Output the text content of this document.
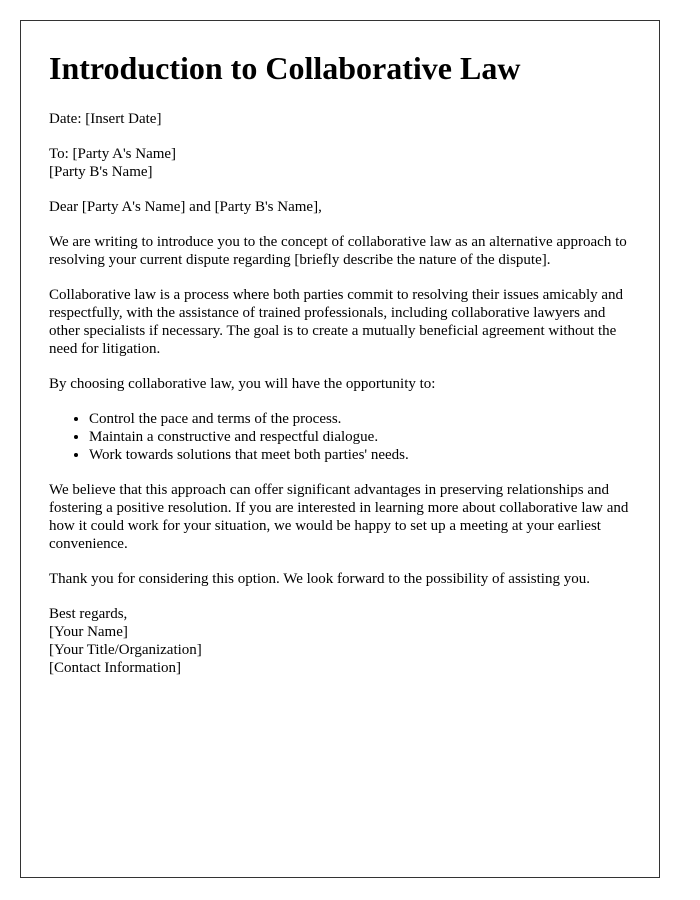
Introduction to Collaborative Law

Date: [Insert Date]

To: [Party A's Name]
[Party B's Name]

Dear [Party A's Name] and [Party B's Name],

We are writing to introduce you to the concept of collaborative law as an alternative approach to resolving your current dispute regarding [briefly describe the nature of the dispute].

Collaborative law is a process where both parties commit to resolving their issues amicably and respectfully, with the assistance of trained professionals, including collaborative lawyers and other specialists if necessary. The goal is to create a mutually beneficial agreement without the need for litigation.

By choosing collaborative law, you will have the opportunity to:

• Control the pace and terms of the process.
• Maintain a constructive and respectful dialogue.
• Work towards solutions that meet both parties' needs.

We believe that this approach can offer significant advantages in preserving relationships and fostering a positive resolution. If you are interested in learning more about collaborative law and how it could work for your situation, we would be happy to set up a meeting at your earliest convenience.

Thank you for considering this option. We look forward to the possibility of assisting you.

Best regards,
[Your Name]
[Your Title/Organization]
[Contact Information]
